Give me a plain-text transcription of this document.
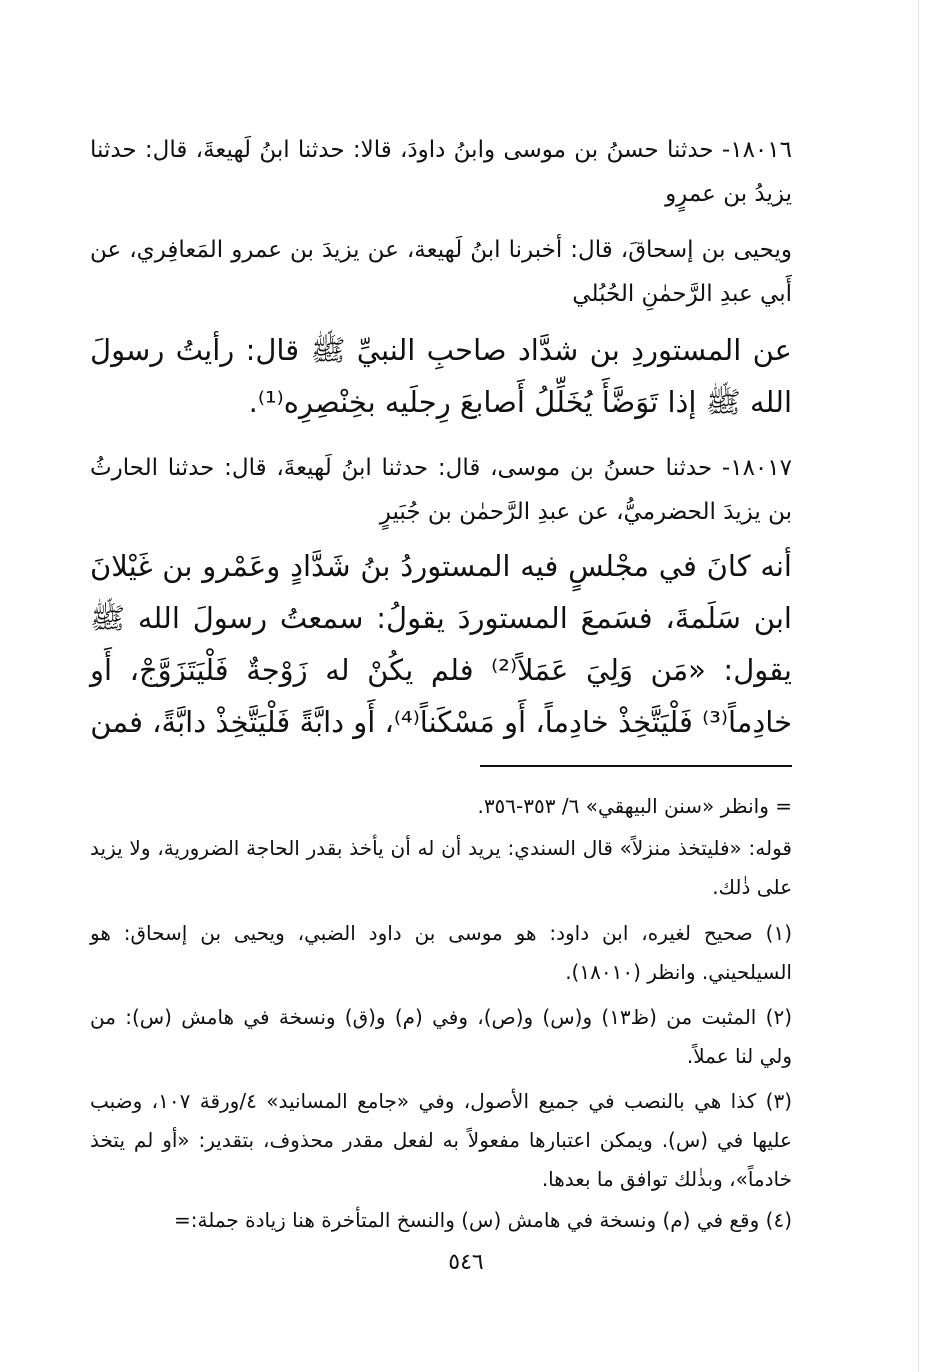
١٨٠١٦- حدثنا حسنُ بن موسى وابنُ داودَ، قالا: حدثنا ابنُ لَهيعةَ، قال: حدثنا يزيدُ بن عمرٍو

ويحيى بن إسحاقَ، قال: أخبرنا ابنُ لَهيعة، عن يزيدَ بن عمرو المَعافِري، عن أَبي عبدِ الرَّحمٰنِ الحُبُلي

عن المستوردِ بن شدَّاد صاحبِ النبيِّ ﷺ قال: رأيتُ رسولَ الله ﷺ إذا تَوَضَّأَ يُخَلِّلُ أَصابعَ رِجلَيه بخِنْصِرِه⁽¹⁾.

١٨٠١٧- حدثنا حسنُ بن موسى، قال: حدثنا ابنُ لَهيعةَ، قال: حدثنا الحارثُ بن يزيدَ الحضرميُّ، عن عبدِ الرَّحمٰن بن جُبَيرٍ

أنه كانَ في مجْلسٍ فيه المستوردُ بنُ شَدَّادٍ وعَمْرو بن غَيْلانَ ابن سَلَمةَ، فسَمعَ المستوردَ يقولُ: سمعتُ رسولَ الله ﷺ يقول: «مَن وَلِيَ عَمَلاً⁽²⁾ فلم يكُنْ له زَوْجةٌ فَلْيَتَزَوَّجْ، أَو خادِماً⁽³⁾ فَلْيَتَّخِذْ خادِماً، أَو مَسْكَناً⁽⁴⁾، أَو دابَّةً فَلْيَتَّخِذْ دابَّةً، فمن

= وانظر «سنن البيهقي» ٦/ ٣٥٣-٣٥٦.

قوله: «فليتخذ منزلاً» قال السندي: يريد أن له أن يأخذ بقدر الحاجة الضرورية، ولا يزيد على ذٰلك.

(١) صحيح لغيره، ابن داود: هو موسى بن داود الضبي، ويحيى بن إسحاق: هو السيلحيني. وانظر (١٨٠١٠).

(٢) المثبت من (ظ١٣) و(س) و(ص)، وفي (م) و(ق) ونسخة في هامش (س): من ولي لنا عملاً.

(٣) كذا هي بالنصب في جميع الأصول، وفي «جامع المسانيد» ٤/ورقة ١٠٧، وضبب عليها في (س). ويمكن اعتبارها مفعولاً به لفعل مقدر محذوف، بتقدير: «أو لم يتخذ خادماً»، وبذٰلك توافق ما بعدها.

(٤) وقع في (م) ونسخة في هامش (س) والنسخ المتأخرة هنا زيادة جملة:=

٥٤٦
